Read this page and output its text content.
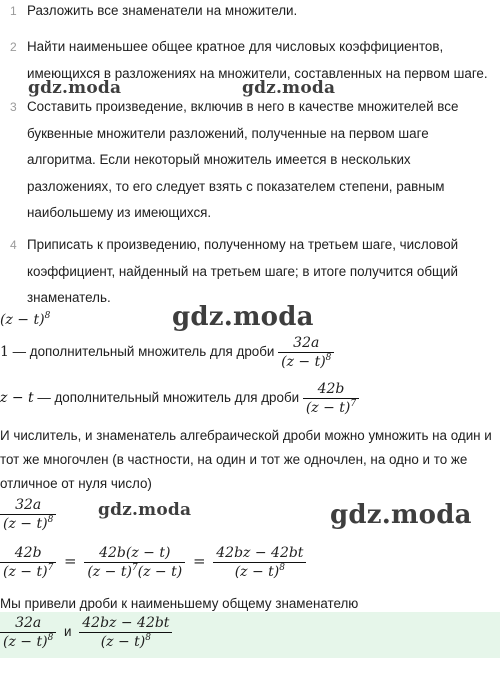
1 Разложить все знаменатели на множители.
2 Найти наименьшее общее кратное для числовых коэффициентов, имеющихся в разложениях на множители, составленных на первом шаге.
3 Составить произведение, включив в него в качестве множителей все буквенные множители разложений, полученные на первом шаге алгоритма. Если некоторый множитель имеется в нескольких разложениях, то его следует взять с показателем степени, равным наибольшему из имеющихся.
4 Приписать к произведению, полученному на третьем шаге, числовой коэффициент, найденный на третьем шаге; в итоге получится общий знаменатель.
gdz.moda	gdz.moda
gdz.moda
gdz.moda	gdz.moda
$(z - t)^8$
1 — дополнительный множитель для дроби $\frac{32a}{(z - t)^8}$
z − t — дополнительный множитель для дроби $\frac{42b}{(z - t)^7}$
И числитель, и знаменатель алгебраической дроби можно умножить на один и тот же многочлен (в частности, на один и тот же одночлен, на одно и то же отличное от нуля число)
$\frac{32a}{(z - t)^8}$
$\frac{42b}{(z - t)^7} = \frac{42b(z - t)}{(z - t)^7(z - t)} = \frac{42bz - 42bt}{(z - t)^8}$
Мы привели дроби к наименьшему общему знаменателю
$\frac{32a}{(z - t)^8}$ и $\frac{42bz - 42bt}{(z - t)^8}$
